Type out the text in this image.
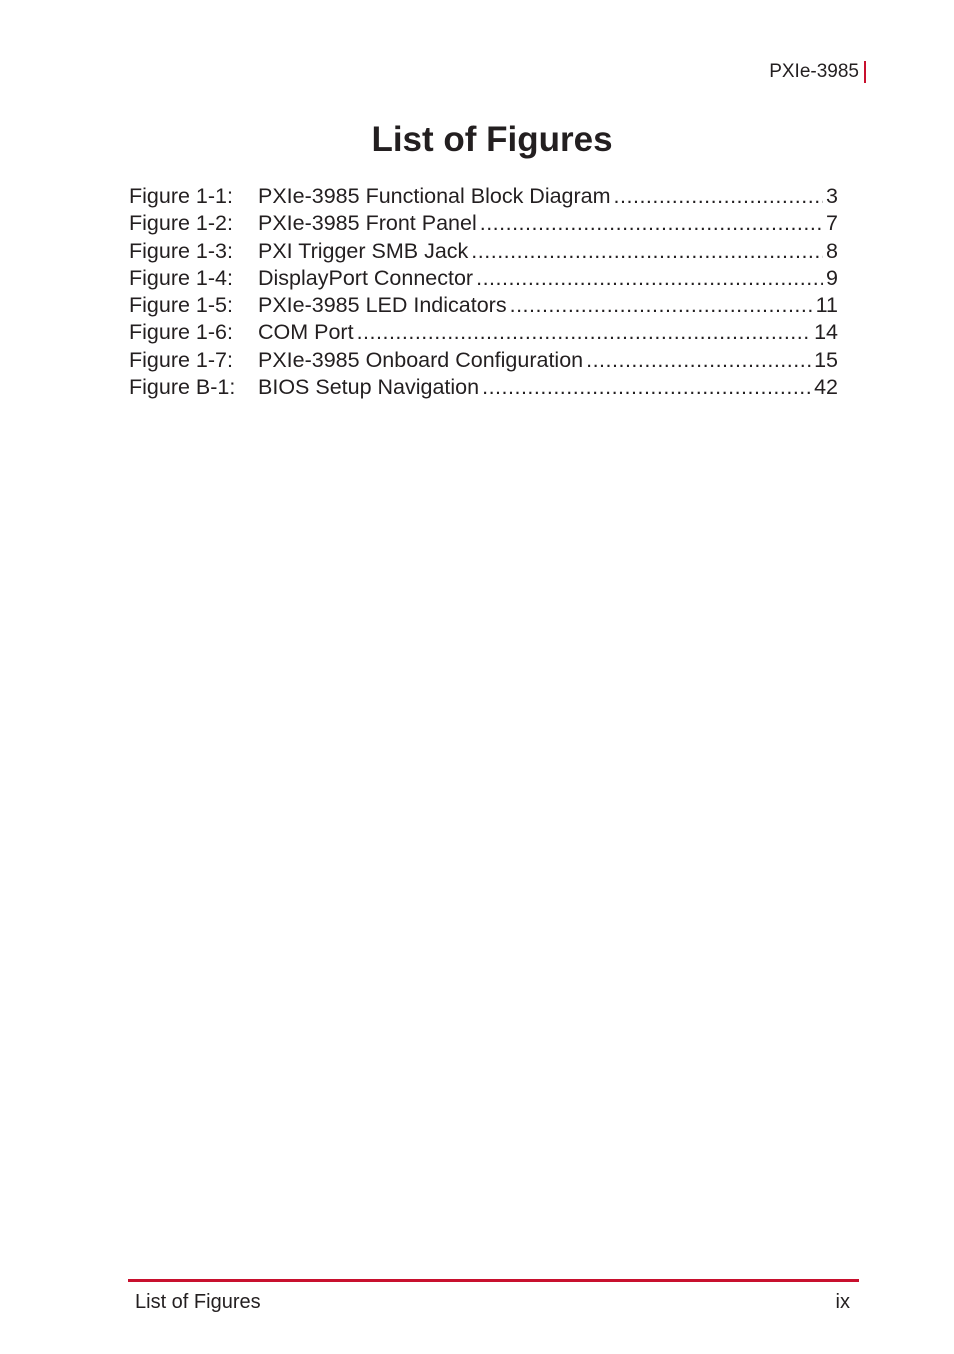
PXIe-3985
List of Figures
Figure 1-1:	PXIe-3985 Functional Block Diagram .....	3
Figure 1-2:	PXIe-3985 Front Panel .....	7
Figure 1-3:	PXI Trigger SMB Jack .....	8
Figure 1-4:	DisplayPort Connector .....	9
Figure 1-5:	PXIe-3985 LED Indicators .....	11
Figure 1-6:	COM Port .....	14
Figure 1-7:	PXIe-3985 Onboard Configuration .....	15
Figure B-1:	BIOS Setup Navigation .....	42
List of Figures	ix
